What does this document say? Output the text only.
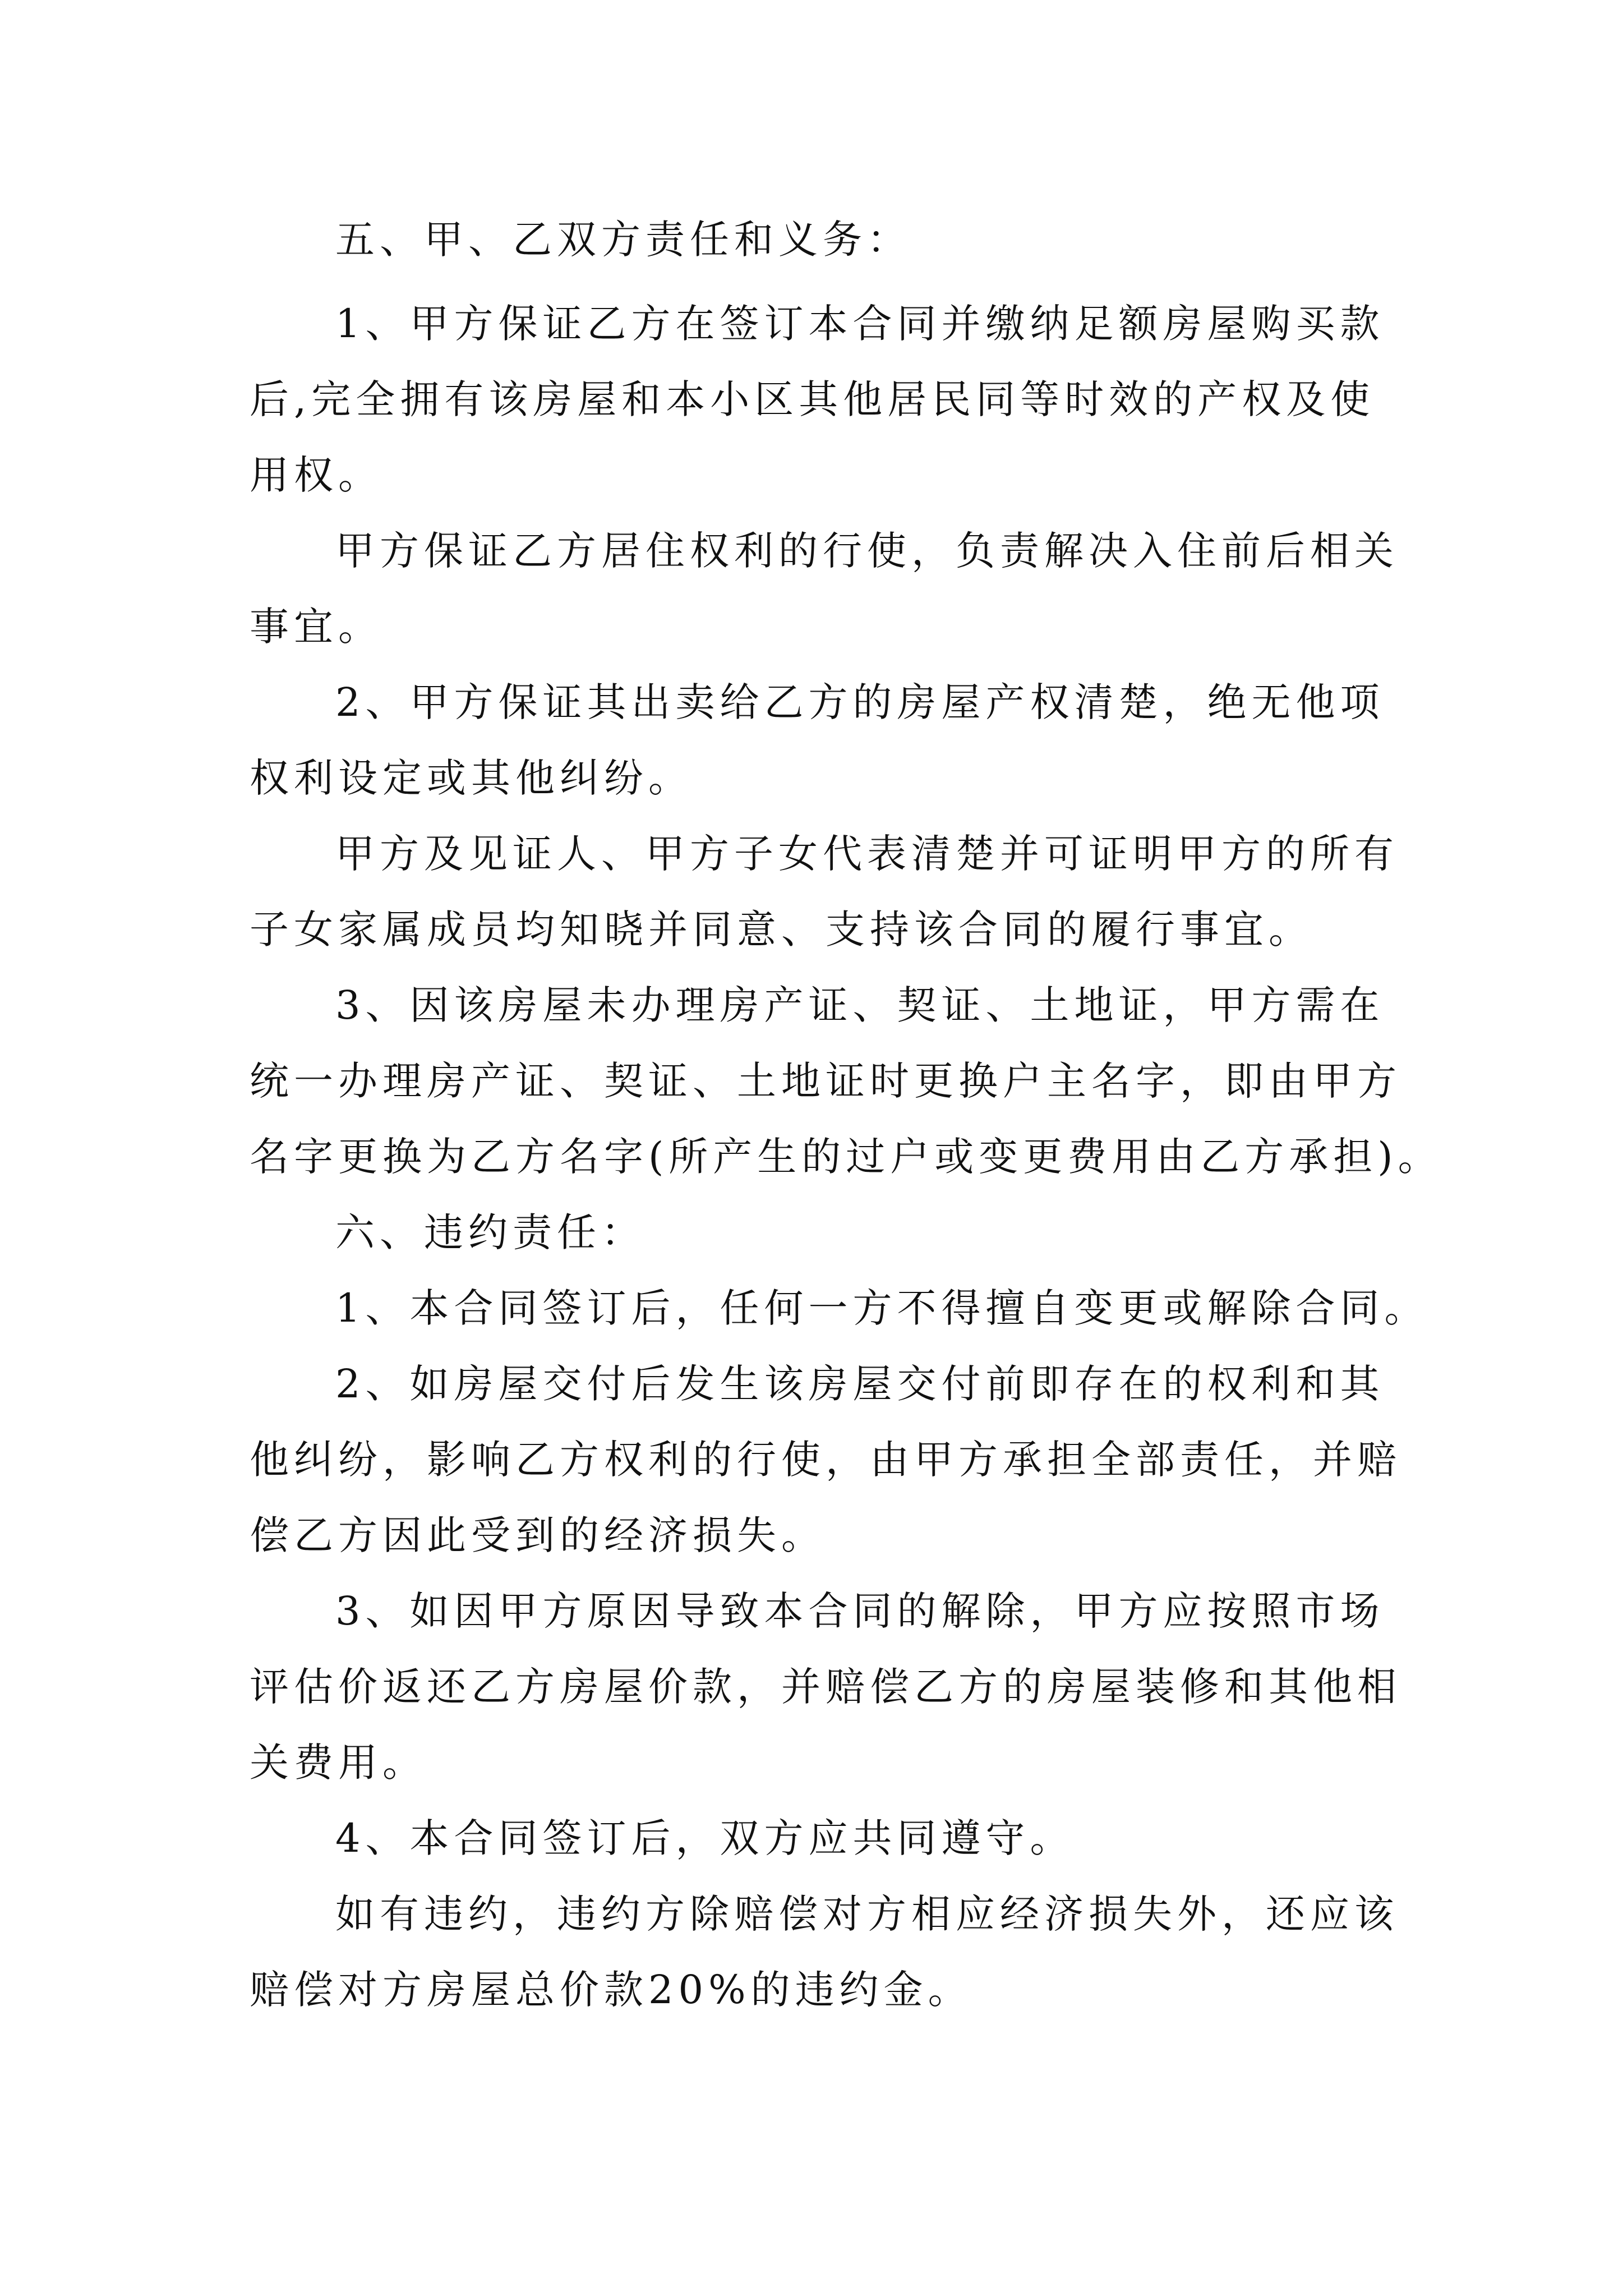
五、甲、乙双方责任和义务：
1、甲方保证乙方在签订本合同并缴纳足额房屋购买款
后,完全拥有该房屋和本小区其他居民同等时效的产权及使
用权。
甲方保证乙方居住权利的行使，负责解决入住前后相关
事宜。
2、甲方保证其出卖给乙方的房屋产权清楚，绝无他项
权利设定或其他纠纷。
甲方及见证人、甲方子女代表清楚并可证明甲方的所有
子女家属成员均知晓并同意、支持该合同的履行事宜。
3、因该房屋未办理房产证、契证、土地证，甲方需在
统一办理房产证、契证、土地证时更换户主名字，即由甲方
名字更换为乙方名字(所产生的过户或变更费用由乙方承担)。
六、违约责任：
1、本合同签订后，任何一方不得擅自变更或解除合同。
2、如房屋交付后发生该房屋交付前即存在的权利和其
他纠纷，影响乙方权利的行使，由甲方承担全部责任，并赔
偿乙方因此受到的经济损失。
3、如因甲方原因导致本合同的解除，甲方应按照市场
评估价返还乙方房屋价款，并赔偿乙方的房屋装修和其他相
关费用。
4、本合同签订后，双方应共同遵守。
如有违约，违约方除赔偿对方相应经济损失外，还应该
赔偿对方房屋总价款20%的违约金。
